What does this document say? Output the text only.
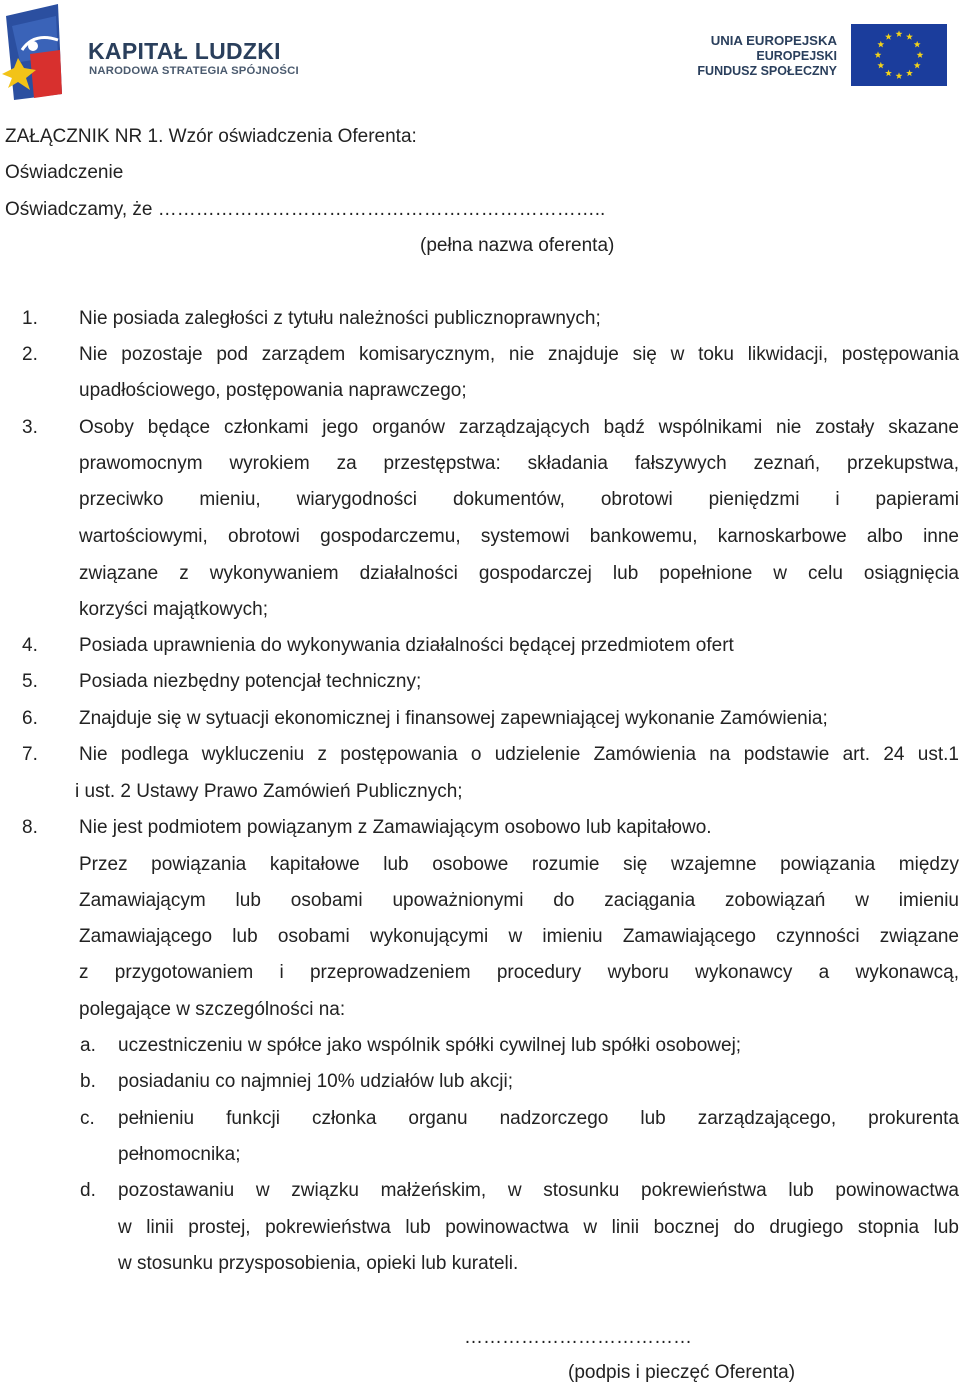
KAPITAŁ LUDZKI
NARODOWA STRATEGIA SPÓJNOŚCI
UNIA EUROPEJSKA
EUROPEJSKI
FUNDUSZ SPOŁECZNY
ZAŁĄCZNIK NR 1. Wzór oświadczenia Oferenta:
Oświadczenie
Oświadczamy, że ……………………………………………………………..
(pełna nazwa oferenta)
1. Nie posiada zaległości z tytułu należności publicznoprawnych;
2. Nie pozostaje pod zarządem komisarycznym, nie znajduje się w toku likwidacji, postępowania
upadłościowego, postępowania naprawczego;
3. Osoby będące członkami jego organów zarządzających bądź wspólnikami nie zostały skazane
prawomocnym wyrokiem za przestępstwa: składania fałszywych zeznań, przekupstwa,
przeciwko mieniu, wiarygodności dokumentów, obrotowi pieniędzmi i papierami
wartościowymi, obrotowi gospodarczemu, systemowi bankowemu, karnoskarbowe albo inne
związane z wykonywaniem działalności gospodarczej lub popełnione w celu osiągnięcia
korzyści majątkowych;
4. Posiada uprawnienia do wykonywania działalności będącej przedmiotem ofert
5. Posiada niezbędny potencjał techniczny;
6. Znajduje się w sytuacji ekonomicznej i finansowej zapewniającej wykonanie Zamówienia;
7. Nie podlega wykluczeniu z postępowania o udzielenie Zamówienia na podstawie art. 24 ust.1
i ust. 2 Ustawy Prawo Zamówień Publicznych;
8. Nie jest podmiotem powiązanym z Zamawiającym osobowo lub kapitałowo.
Przez powiązania kapitałowe lub osobowe rozumie się wzajemne powiązania między
Zamawiającym lub osobami upoważnionymi do zaciągania zobowiązań w imieniu
Zamawiającego lub osobami wykonującymi w imieniu Zamawiającego czynności związane
z przygotowaniem i przeprowadzeniem procedury wyboru wykonawcy a wykonawcą,
polegające w szczególności na:
a. uczestniczeniu w spółce jako wspólnik spółki cywilnej lub spółki osobowej;
b. posiadaniu co najmniej 10% udziałów lub akcji;
c. pełnieniu funkcji członka organu nadzorczego lub zarządzającego, prokurenta
pełnomocnika;
d. pozostawaniu w związku małżeńskim, w stosunku pokrewieństwa lub powinowactwa
w linii prostej, pokrewieństwa lub powinowactwa w linii bocznej do drugiego stopnia lub
w stosunku przysposobienia, opieki lub kurateli.
………………………………
(podpis i pieczęć Oferenta)
